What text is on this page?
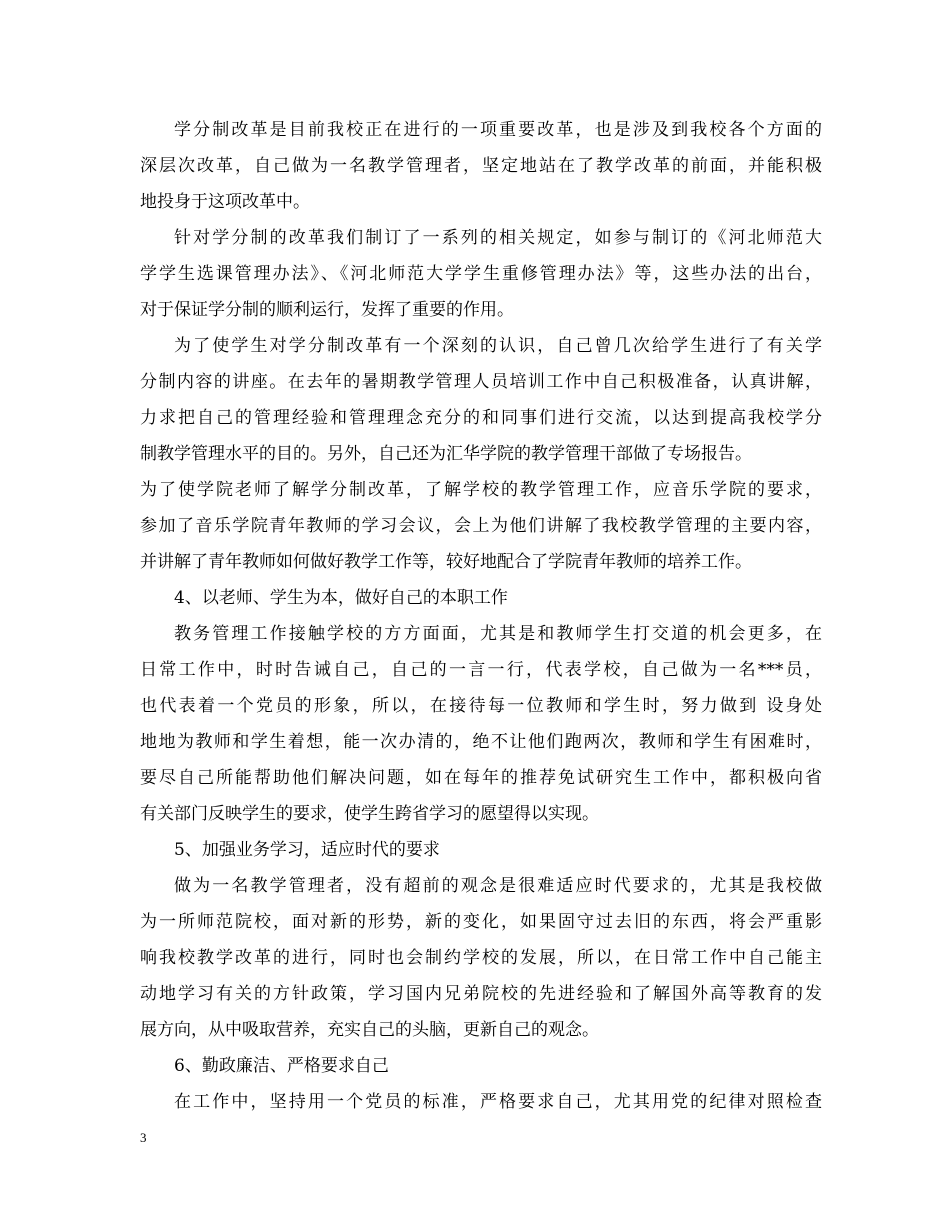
学分制改革是目前我校正在进行的一项重要改革，也是涉及到我校各个方面的
深层次改革，自己做为一名教学管理者，坚定地站在了教学改革的前面，并能积极
地投身于这项改革中。
针对学分制的改革我们制订了一系列的相关规定，如参与制订的《河北师范大
学学生选课管理办法》、《河北师范大学学生重修管理办法》等，这些办法的出台，
对于保证学分制的顺利运行，发挥了重要的作用。
为了使学生对学分制改革有一个深刻的认识，自己曾几次给学生进行了有关学
分制内容的讲座。在去年的暑期教学管理人员培训工作中自己积极准备，认真讲解，
力求把自己的管理经验和管理理念充分的和同事们进行交流，以达到提高我校学分
制教学管理水平的目的。另外，自己还为汇华学院的教学管理干部做了专场报告。
为了使学院老师了解学分制改革，了解学校的教学管理工作，应音乐学院的要求，
参加了音乐学院青年教师的学习会议，会上为他们讲解了我校教学管理的主要内容，
并讲解了青年教师如何做好教学工作等，较好地配合了学院青年教师的培养工作。
4、以老师、学生为本，做好自己的本职工作
教务管理工作接触学校的方方面面，尤其是和教师学生打交道的机会更多，在
日常工作中，时时告诫自己，自己的一言一行，代表学校，自己做为一名***员，
也代表着一个党员的形象，所以，在接待每一位教师和学生时，努力做到 设身处
地地为教师和学生着想，能一次办清的，绝不让他们跑两次，教师和学生有困难时，
要尽自己所能帮助他们解决问题，如在每年的推荐免试研究生工作中，都积极向省
有关部门反映学生的要求，使学生跨省学习的愿望得以实现。
5、加强业务学习，适应时代的要求
做为一名教学管理者，没有超前的观念是很难适应时代要求的，尤其是我校做
为一所师范院校，面对新的形势，新的变化，如果固守过去旧的东西，将会严重影
响我校教学改革的进行，同时也会制约学校的发展，所以，在日常工作中自己能主
动地学习有关的方针政策，学习国内兄弟院校的先进经验和了解国外高等教育的发
展方向，从中吸取营养，充实自己的头脑，更新自己的观念。
6、勤政廉洁、严格要求自己
在工作中，坚持用一个党员的标准，严格要求自己，尤其用党的纪律对照检查
3
